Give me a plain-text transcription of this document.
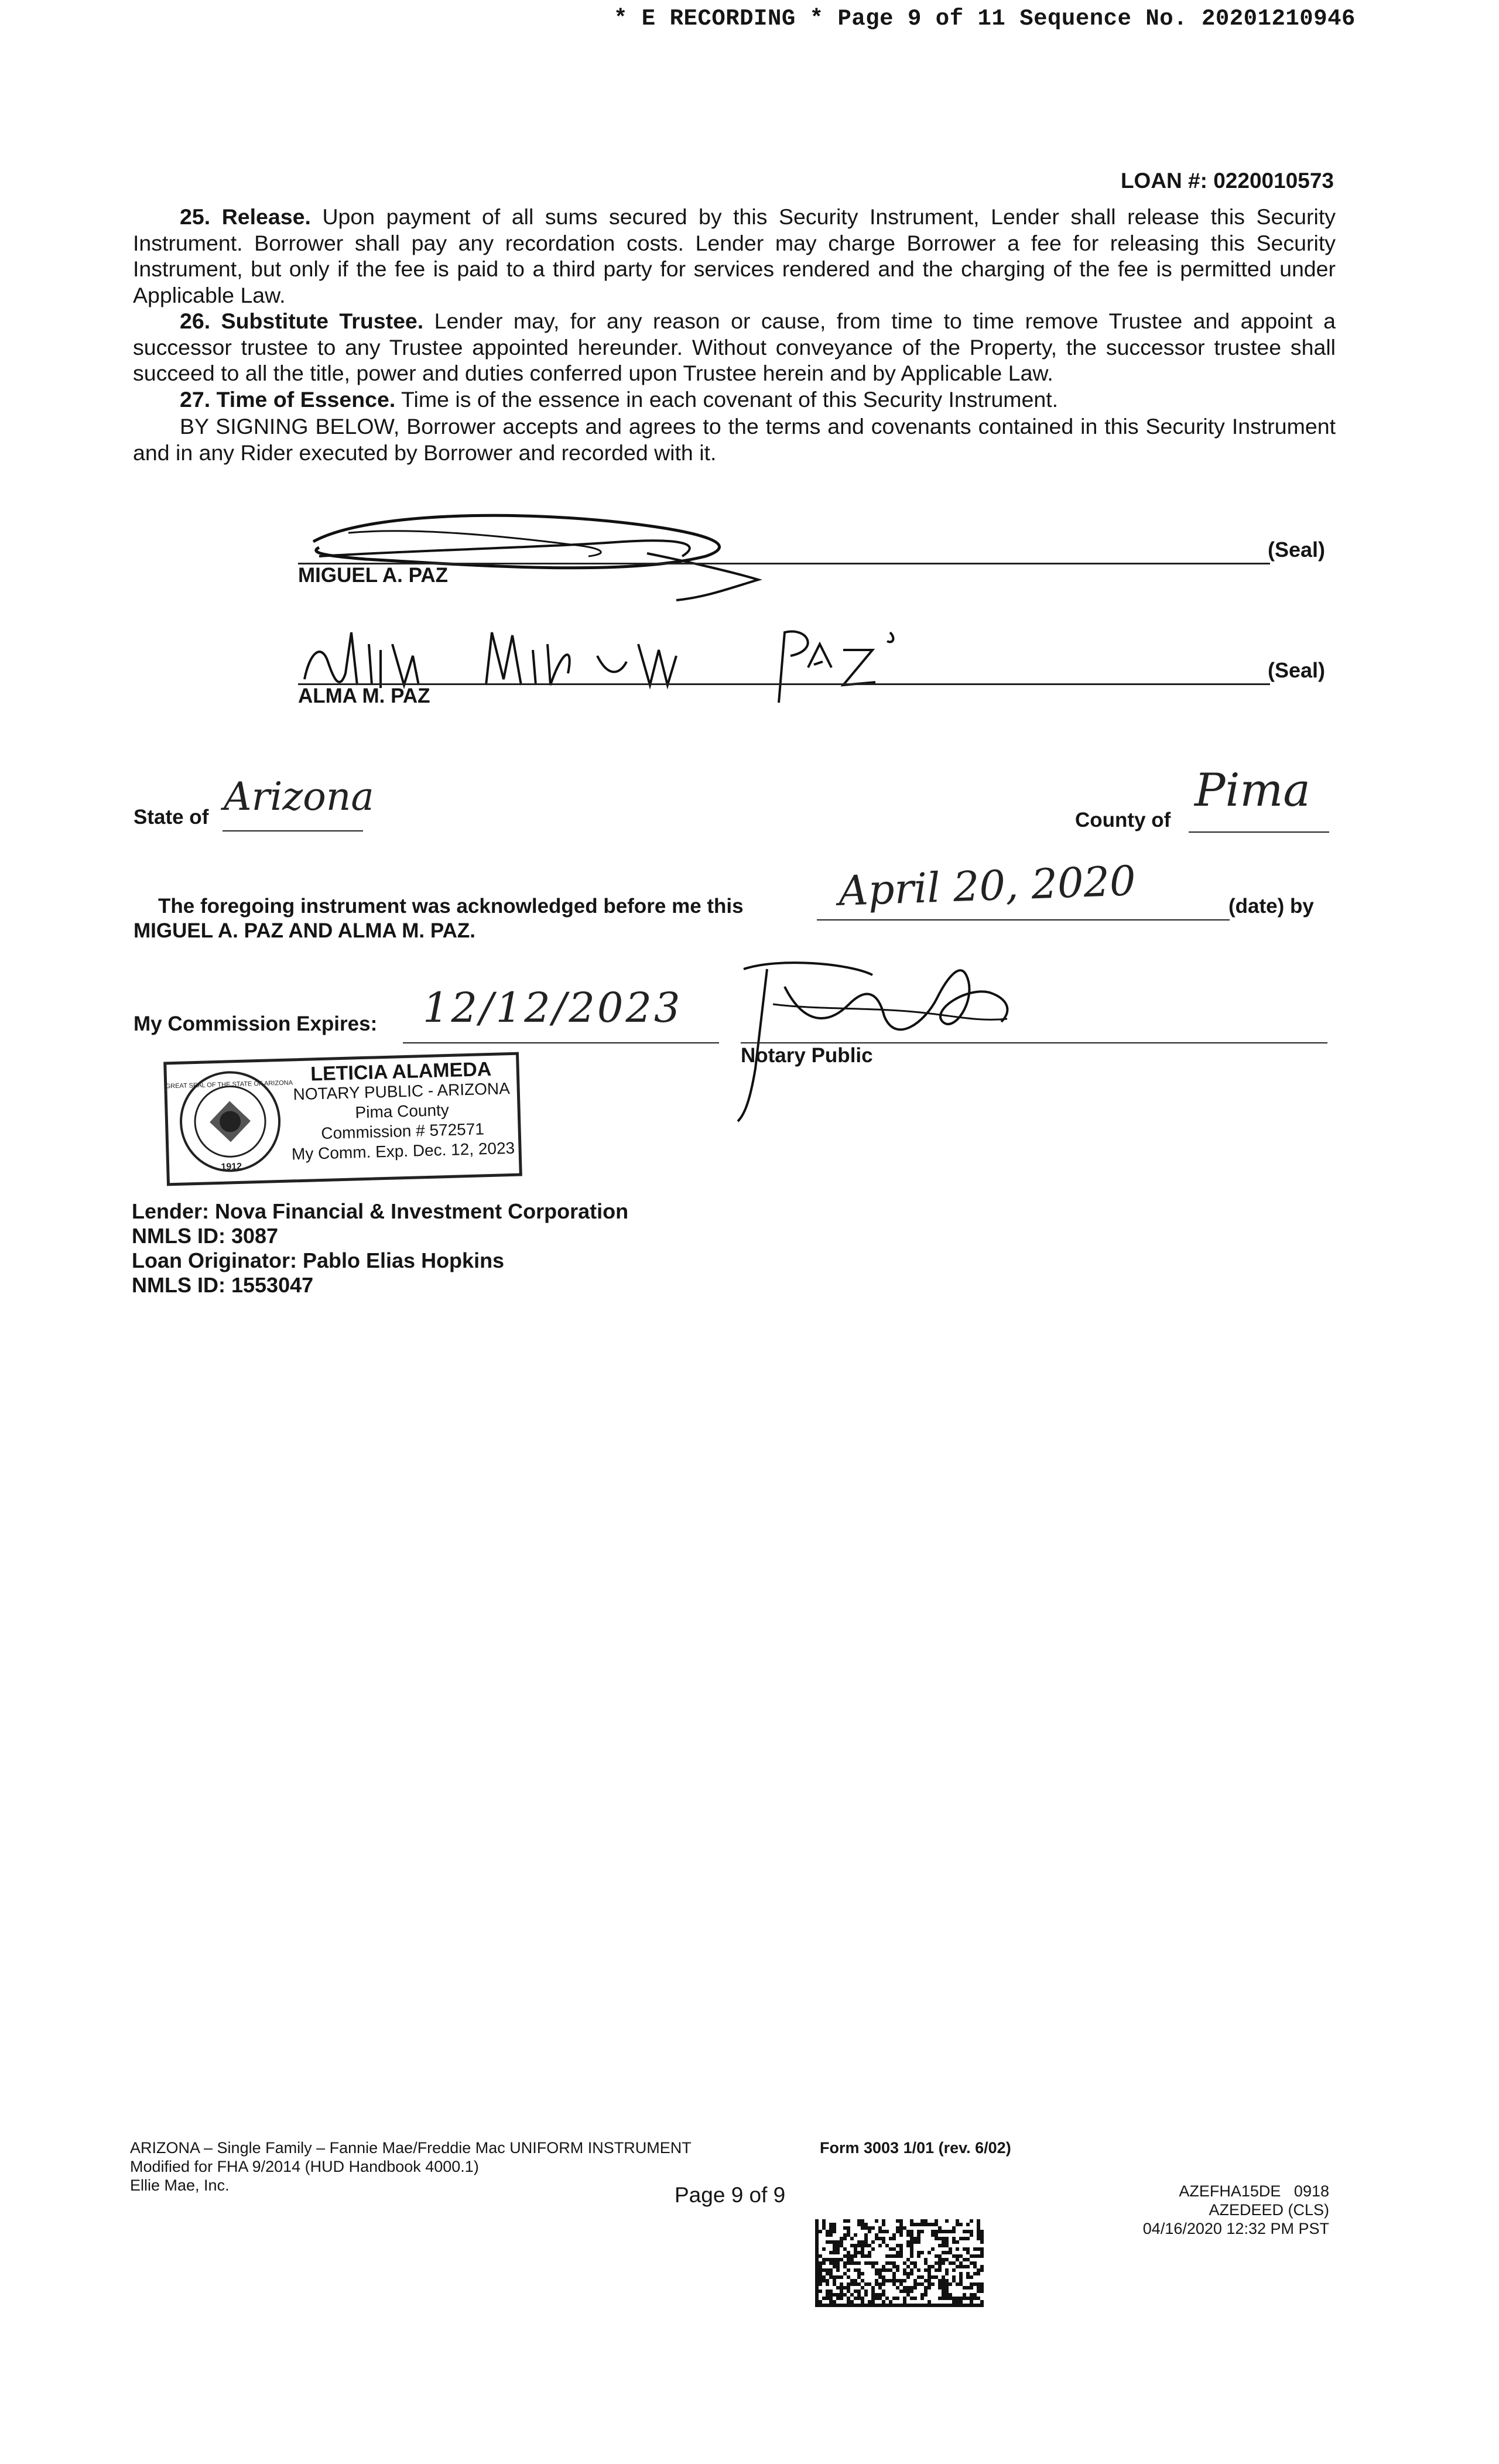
* E RECORDING * Page 9 of 11 Sequence No. 20201210946
LOAN #: 0220010573

25. Release. Upon payment of all sums secured by this Security Instrument, Lender shall release this Security Instrument. Borrower shall pay any recordation costs. Lender may charge Borrower a fee for releasing this Security Instrument, but only if the fee is paid to a third party for services rendered and the charging of the fee is permitted under Applicable Law.

26. Substitute Trustee. Lender may, for any reason or cause, from time to time remove Trustee and appoint a successor trustee to any Trustee appointed hereunder. Without conveyance of the Property, the successor trustee shall succeed to all the title, power and duties conferred upon Trustee herein and by Applicable Law.

27. Time of Essence. Time is of the essence in each covenant of this Security Instrument.

BY SIGNING BELOW, Borrower accepts and agrees to the terms and covenants contained in this Security Instrument and in any Rider executed by Borrower and recorded with it.
(Seal)
MIGUEL A. PAZ
(Seal)
ALMA M. PAZ
State of Arizona
County of
Pima
The foregoing instrument was acknowledged before me this April 20, 2020	(date) by
MIGUEL A. PAZ AND ALMA M. PAZ.
My Commission Expires: 12/12/2023
Notary Public
1912
GREAT SEAL OF THE STATE OF ARIZONA LETICIA ALAMEDA
NOTARY PUBLIC - ARIZONA
Pima County
Commission # 572571
My Comm. Exp. Dec. 12, 2023
Lender: Nova Financial & Investment Corporation
NMLS ID: 3087
Loan Originator: Pablo Elias Hopkins
NMLS ID: 1553047
ARIZONA – Single Family – Fannie Mae/Freddie Mac UNIFORM INSTRUMENT
Modified for FHA 9/2014 (HUD Handbook 4000.1)
Ellie Mae, Inc.
Form 3003 1/01 (rev. 6/02)
Page 9 of 9	AZEFHA15DE   0918
AZEDEED (CLS)
04/16/2020 12:32 PM PST
